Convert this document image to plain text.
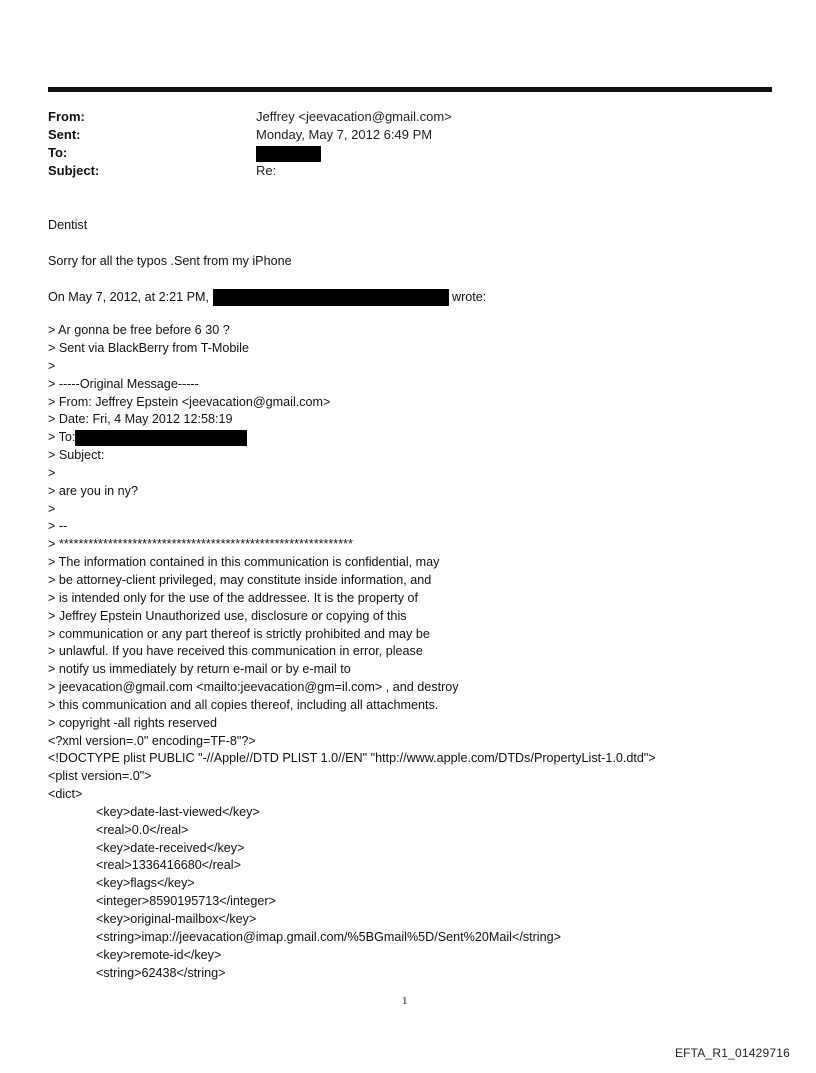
From:	Jeffrey <jeevacation@gmail.com>
Sent:	Monday, May 7, 2012 6:49 PM
To:
Subject:	Re:
Dentist
Sorry for all the typos .Sent from my iPhone
On May 7, 2012, at 2:21 PM,	wrote:
> Ar gonna be free before 6 30 ?
> Sent via BlackBerry from T-Mobile
>
> -----Original Message-----
> From: Jeffrey Epstein <jeevacation@gmail.com>
> Date: Fri, 4 May 2012 12:58:19
> To:
> Subject:
>
> are you in ny?
>
> --
> ************************************************************
> The information contained in this communication is confidential, may
> be attorney-client privileged, may constitute inside information, and
> is intended only for the use of the addressee. It is the property of
> Jeffrey Epstein Unauthorized use, disclosure or copying of this
> communication or any part thereof is strictly prohibited and may be
> unlawful. If you have received this communication in error, please
> notify us immediately by return e-mail or by e-mail to
> jeevacation@gmail.com <mailto:jeevacation@gm=il.com> , and destroy
> this communication and all copies thereof, including all attachments.
> copyright -all rights reserved
<?xml version=.0" encoding=TF-8"?>
<!DOCTYPE plist PUBLIC "-//Apple//DTD PLIST 1.0//EN" "http://www.apple.com/DTDs/PropertyList-1.0.dtd">
<plist version=.0">
<dict>
<key>date-last-viewed</key>
<real>0.0</real>
<key>date-received</key>
<real>1336416680</real>
<key>flags</key>
<integer>8590195713</integer>
<key>original-mailbox</key>
<string>imap://jeevacation@imap.gmail.com/%5BGmail%5D/Sent%20Mail</string>
<key>remote-id</key>
<string>62438</string>
1
EFTA_R1_01429716
